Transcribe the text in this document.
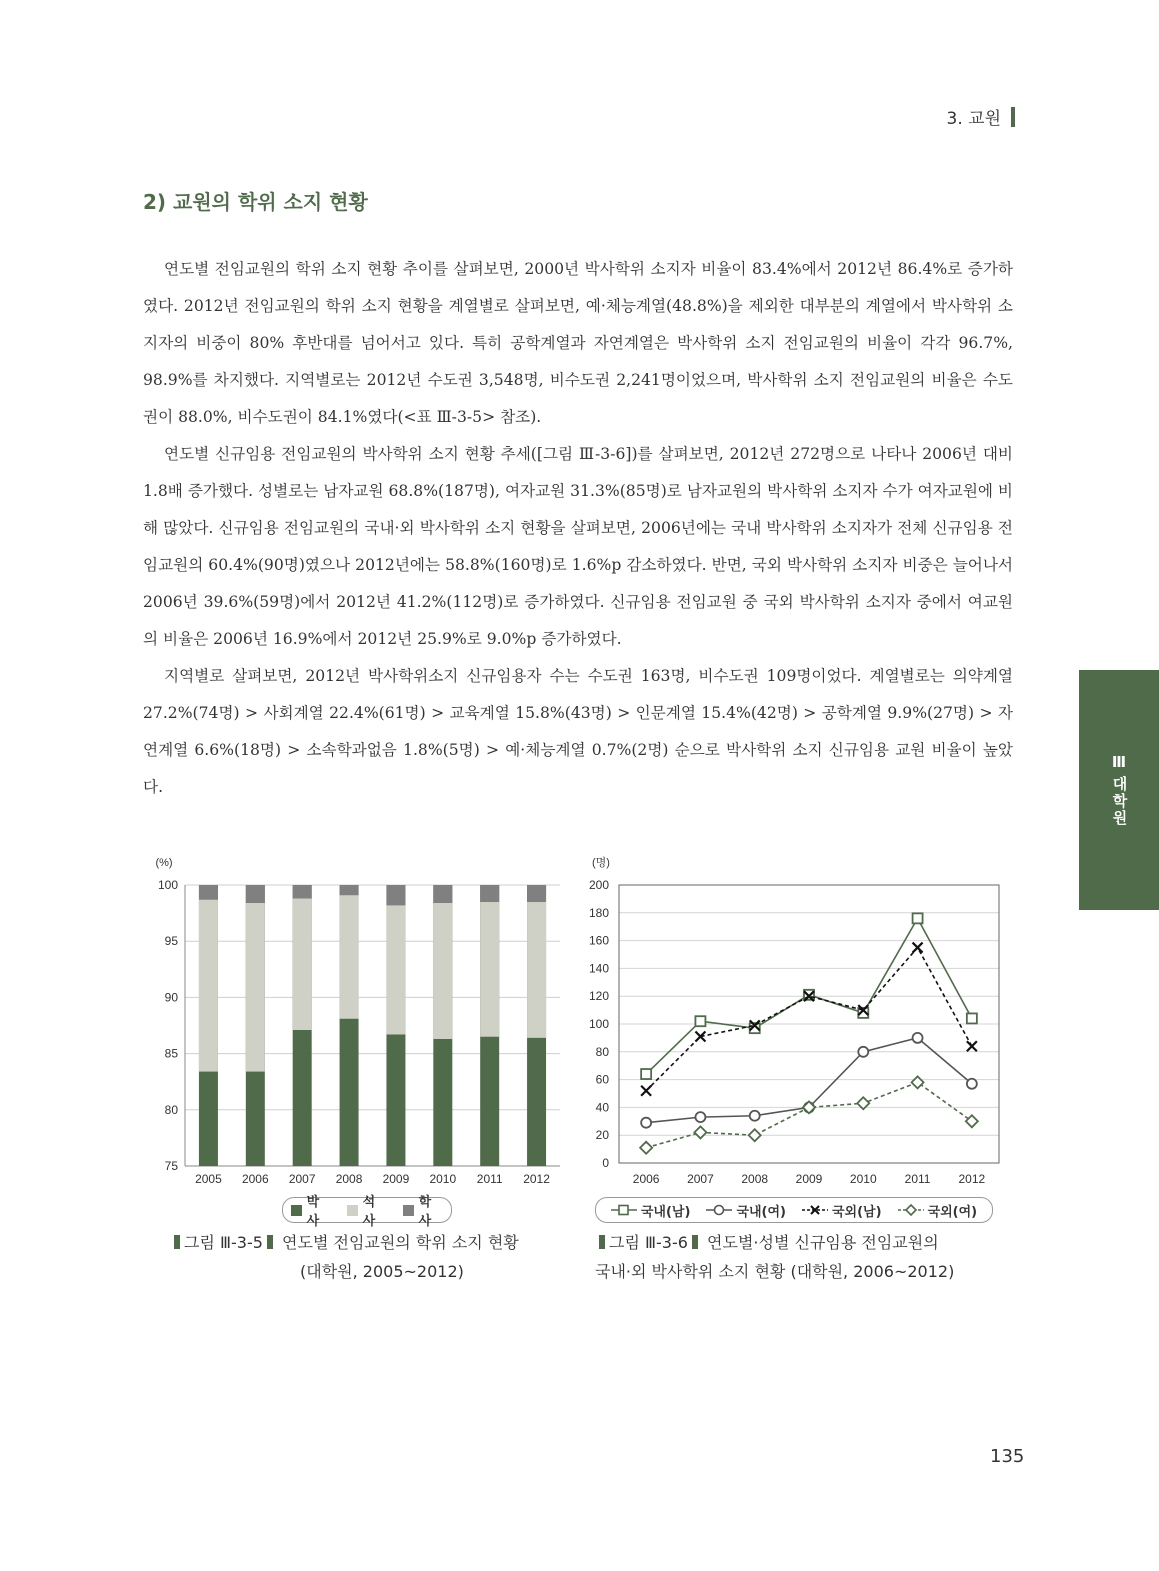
3. 교원
2) 교원의 학위 소지 현황

연도별 전임교원의 학위 소지 현황 추이를 살펴보면, 2000년 박사학위 소지자 비율이 83.4%에서 2012년 86.4%로 증가하였다. 2012년 전임교원의 학위 소지 현황을 계열별로 살펴보면, 예·체능계열(48.8%)을 제외한 대부분의 계열에서 박사학위 소지자의 비중이 80% 후반대를 넘어서고 있다. 특히 공학계열과 자연계열은 박사학위 소지 전임교원의 비율이 각각 96.7%, 98.9%를 차지했다. 지역별로는 2012년 수도권 3,548명, 비수도권 2,241명이었으며, 박사학위 소지 전임교원의 비율은 수도권이 88.0%, 비수도권이 84.1%였다(<표 Ⅲ-3-5> 참조).

연도별 신규임용 전임교원의 박사학위 소지 현황 추세([그림 Ⅲ-3-6])를 살펴보면, 2012년 272명으로 나타나 2006년 대비 1.8배 증가했다. 성별로는 남자교원 68.8%(187명), 여자교원 31.3%(85명)로 남자교원의 박사학위 소지자 수가 여자교원에 비해 많았다. 신규임용 전임교원의 국내·외 박사학위 소지 현황을 살펴보면, 2006년에는 국내 박사학위 소지자가 전체 신규임용 전임교원의 60.4%(90명)였으나 2012년에는 58.8%(160명)로 1.6%p 감소하였다. 반면, 국외 박사학위 소지자 비중은 늘어나서 2006년 39.6%(59명)에서 2012년 41.2%(112명)로 증가하였다. 신규임용 전임교원 중 국외 박사학위 소지자 중에서 여교원의 비율은 2006년 16.9%에서 2012년 25.9%로 9.0%p 증가하였다.

지역별로 살펴보면, 2012년 박사학위소지 신규임용자 수는 수도권 163명, 비수도권 109명이었다. 계열별로는 의약계열 27.2%(74명) > 사회계열 22.4%(61명) > 교육계열 15.8%(43명) > 인문계열 15.4%(42명) > 공학계열 9.9%(27명) > 자연계열 6.6%(18명) > 소속학과없음 1.8%(5명) > 예·체능계열 0.7%(2명) 순으로 박사학위 소지 신규임용 교원 비율이 높았다.

Ⅲ
대학원
(%)
75
80
85
90
95
100
2005 2006 2007 2008 2009 2010 2011 2012
박사
석사
학사
그림 Ⅲ-3-5 연도별 전임교원의 학위 소지 현황
(대학원, 2005~2012)
(명)
0
20
40
60
80
100
120
140
160
180
200
2006 2007 2008 2009 2010 2011 2012
국내(남)	국내(여)	국외(남)	국외(여)
그림 Ⅲ-3-6 연도별·성별 신규임용 전임교원의
국내·외 박사학위 소지 현황 (대학원, 2006~2012)
135
